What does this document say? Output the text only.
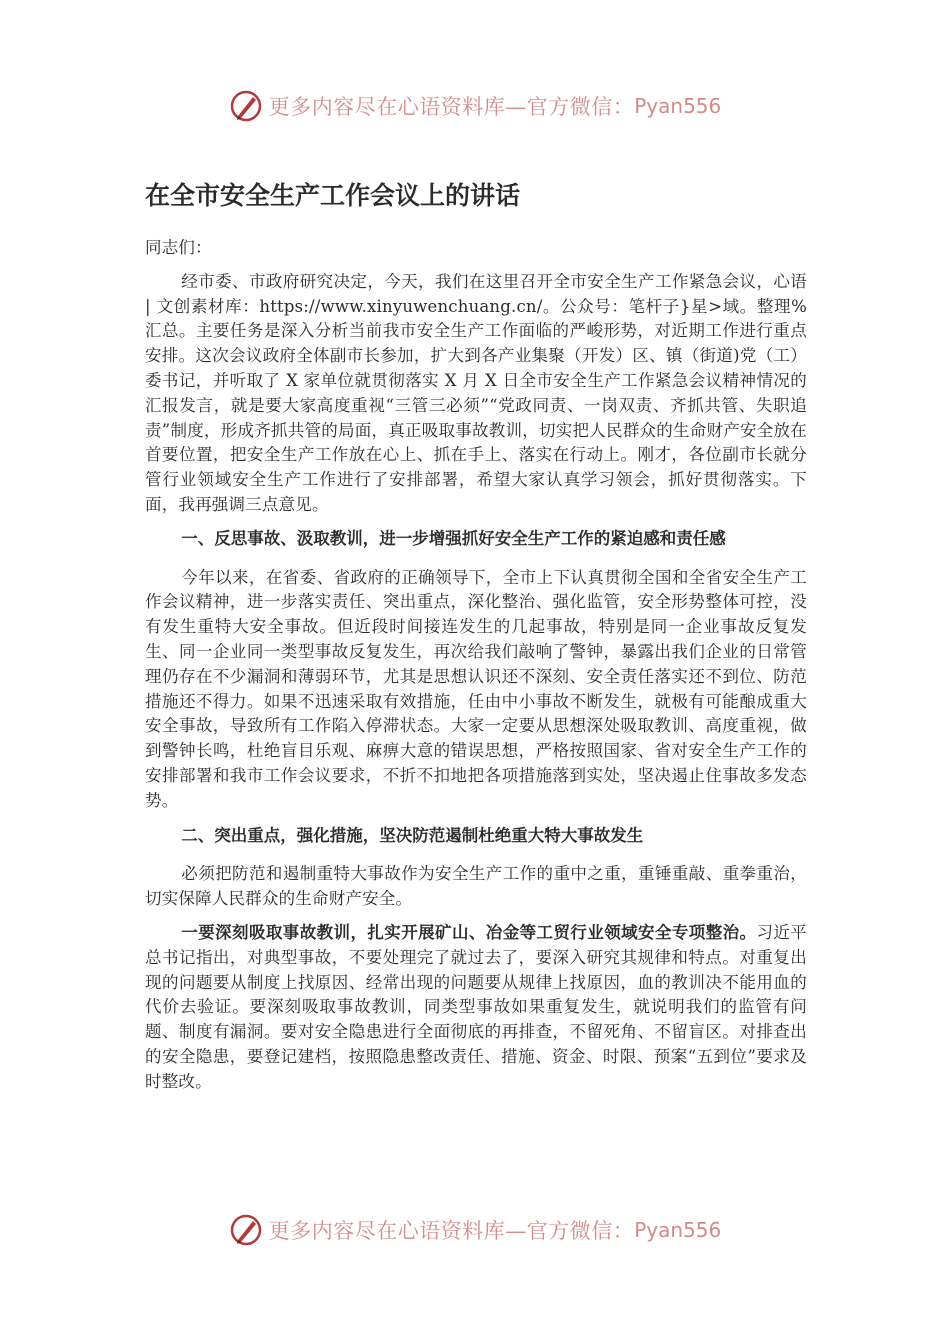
更多内容尽在心语资料库—官方微信： Pyan556
在全市安全生产工作会议上的讲话

同志们：

经市委、市政府研究决定，今天，我们在这里召开全市安全生产工作紧急会议，心语 | 文创素材库：https://www.xinyuwenchuang.cn/。公众号：笔杆子}星>域。整理%汇总。主要任务是深入分析当前我市安全生产工作面临的严峻形势，对近期工作进行重点安排。这次会议政府全体副市长参加，扩大到各产业集聚（开发）区、镇（街道)党（工）委书记，并听取了 X 家单位就贯彻落实 X 月 X 日全市安全生产工作紧急会议精神情况的汇报发言，就是要大家高度重视“三管三必须”“党政同责、一岗双责、齐抓共管、失职追责”制度，形成齐抓共管的局面，真正吸取事故教训，切实把人民群众的生命财产安全放在首要位置，把安全生产工作放在心上、抓在手上、落实在行动上。刚才，各位副市长就分管行业领域安全生产工作进行了安排部署，希望大家认真学习领会，抓好贯彻落实。下面，我再强调三点意见。

一、反思事故、汲取教训，进一步增强抓好安全生产工作的紧迫感和责任感

今年以来，在省委、省政府的正确领导下，全市上下认真贯彻全国和全省安全生产工作会议精神，进一步落实责任、突出重点，深化整治、强化监管，安全形势整体可控，没有发生重特大安全事故。但近段时间接连发生的几起事故，特别是同一企业事故反复发生、同一企业同一类型事故反复发生，再次给我们敲响了警钟，暴露出我们企业的日常管理仍存在不少漏洞和薄弱环节，尤其是思想认识还不深刻、安全责任落实还不到位、防范措施还不得力。如果不迅速采取有效措施，任由中小事故不断发生，就极有可能酿成重大安全事故，导致所有工作陷入停滞状态。大家一定要从思想深处吸取教训、高度重视，做到警钟长鸣，杜绝盲目乐观、麻痹大意的错误思想，严格按照国家、省对安全生产工作的安排部署和我市工作会议要求，不折不扣地把各项措施落到实处，坚决遏止住事故多发态势。

二、突出重点，强化措施，坚决防范遏制杜绝重大特大事故发生

必须把防范和遏制重特大事故作为安全生产工作的重中之重，重锤重敲、重拳重治，切实保障人民群众的生命财产安全。

一要深刻吸取事故教训，扎实开展矿山、冶金等工贸行业领域安全专项整治。习近平总书记指出，对典型事故，不要处理完了就过去了，要深入研究其规律和特点。对重复出现的问题要从制度上找原因、经常出现的问题要从规律上找原因，血的教训决不能用血的代价去验证。要深刻吸取事故教训，同类型事故如果重复发生，就说明我们的监管有问题、制度有漏洞。要对安全隐患进行全面彻底的再排查，不留死角、不留盲区。对排查出的安全隐患，要登记建档，按照隐患整改责任、措施、资金、时限、预案“五到位”要求及时整改。

更多内容尽在心语资料库—官方微信： Pyan556
